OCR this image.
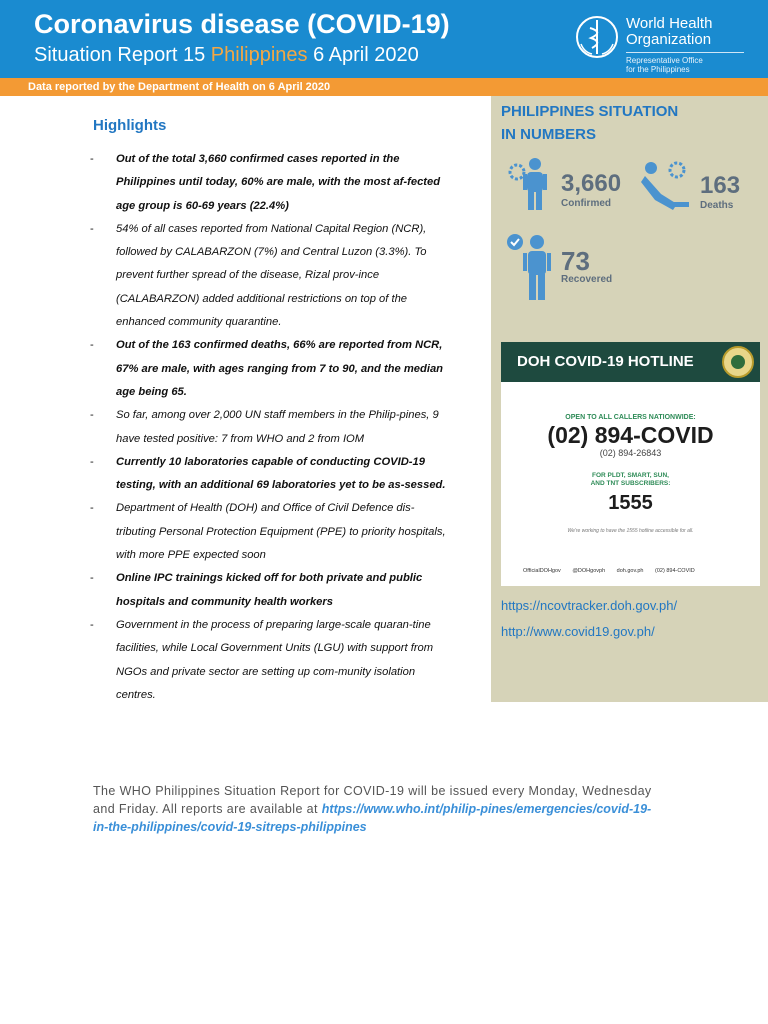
Coronavirus disease (COVID-19)
Situation Report 15 Philippines 6 April 2020
World Health
Organization
Representative Office
for the Philippines
Data reported by the Department of Health on 6 April 2020
Highlights
- Out of the total 3,660 confirmed cases reported in the Philippines until today, 60% are male, with the most af-fected age group is 60-69 years (22.4%)
- 54% of all cases reported from National Capital Region (NCR), followed by CALABARZON (7%) and Central Luzon (3.3%). To prevent further spread of the disease, Rizal prov-ince (CALABARZON) added additional restrictions on top of the enhanced community quarantine.
- Out of the 163 confirmed deaths, 66% are reported from NCR, 67% are male, with ages ranging from 7 to 90, and the median age being 65.
- So far, among over 2,000 UN staff members in the Philip-pines, 9 have tested positive: 7 from WHO and 2 from IOM
- Currently 10 laboratories capable of conducting COVID-19 testing, with an additional 69 laboratories yet to be as-sessed.
- Department of Health (DOH) and Office of Civil Defence dis-tributing Personal Protection Equipment (PPE) to priority hospitals, with more PPE expected soon
- Online IPC trainings kicked off for both private and public hospitals and community health workers
- Government in the process of preparing large-scale quaran-tine facilities, while Local Government Units (LGU) with support from NGOs and private sector are setting up com-munity isolation centres.
PHILIPPINES SITUATION
IN NUMBERS
3,660
Confirmed
163
Deaths
73
Recovered
DOH COVID-19 HOTLINE
OPEN TO ALL CALLERS NATIONWIDE:
(02) 894-COVID
(02) 894-26843
FOR PLDT, SMART, SUN,
AND TNT SUBSCRIBERS:
1555
We're working to have the 1555 hotline accessible for all.
OfficialDOHgov @DOHgovph doh.gov.ph (02) 894-COVID
https://ncovtracker.doh.gov.ph/
http://www.covid19.gov.ph/
The WHO Philippines Situation Report for COVID-19 will be issued every Monday, Wednesday and Friday. All reports are available at https://www.who.int/philip-pines/emergencies/covid-19-in-the-philippines/covid-19-sitreps-philippines
